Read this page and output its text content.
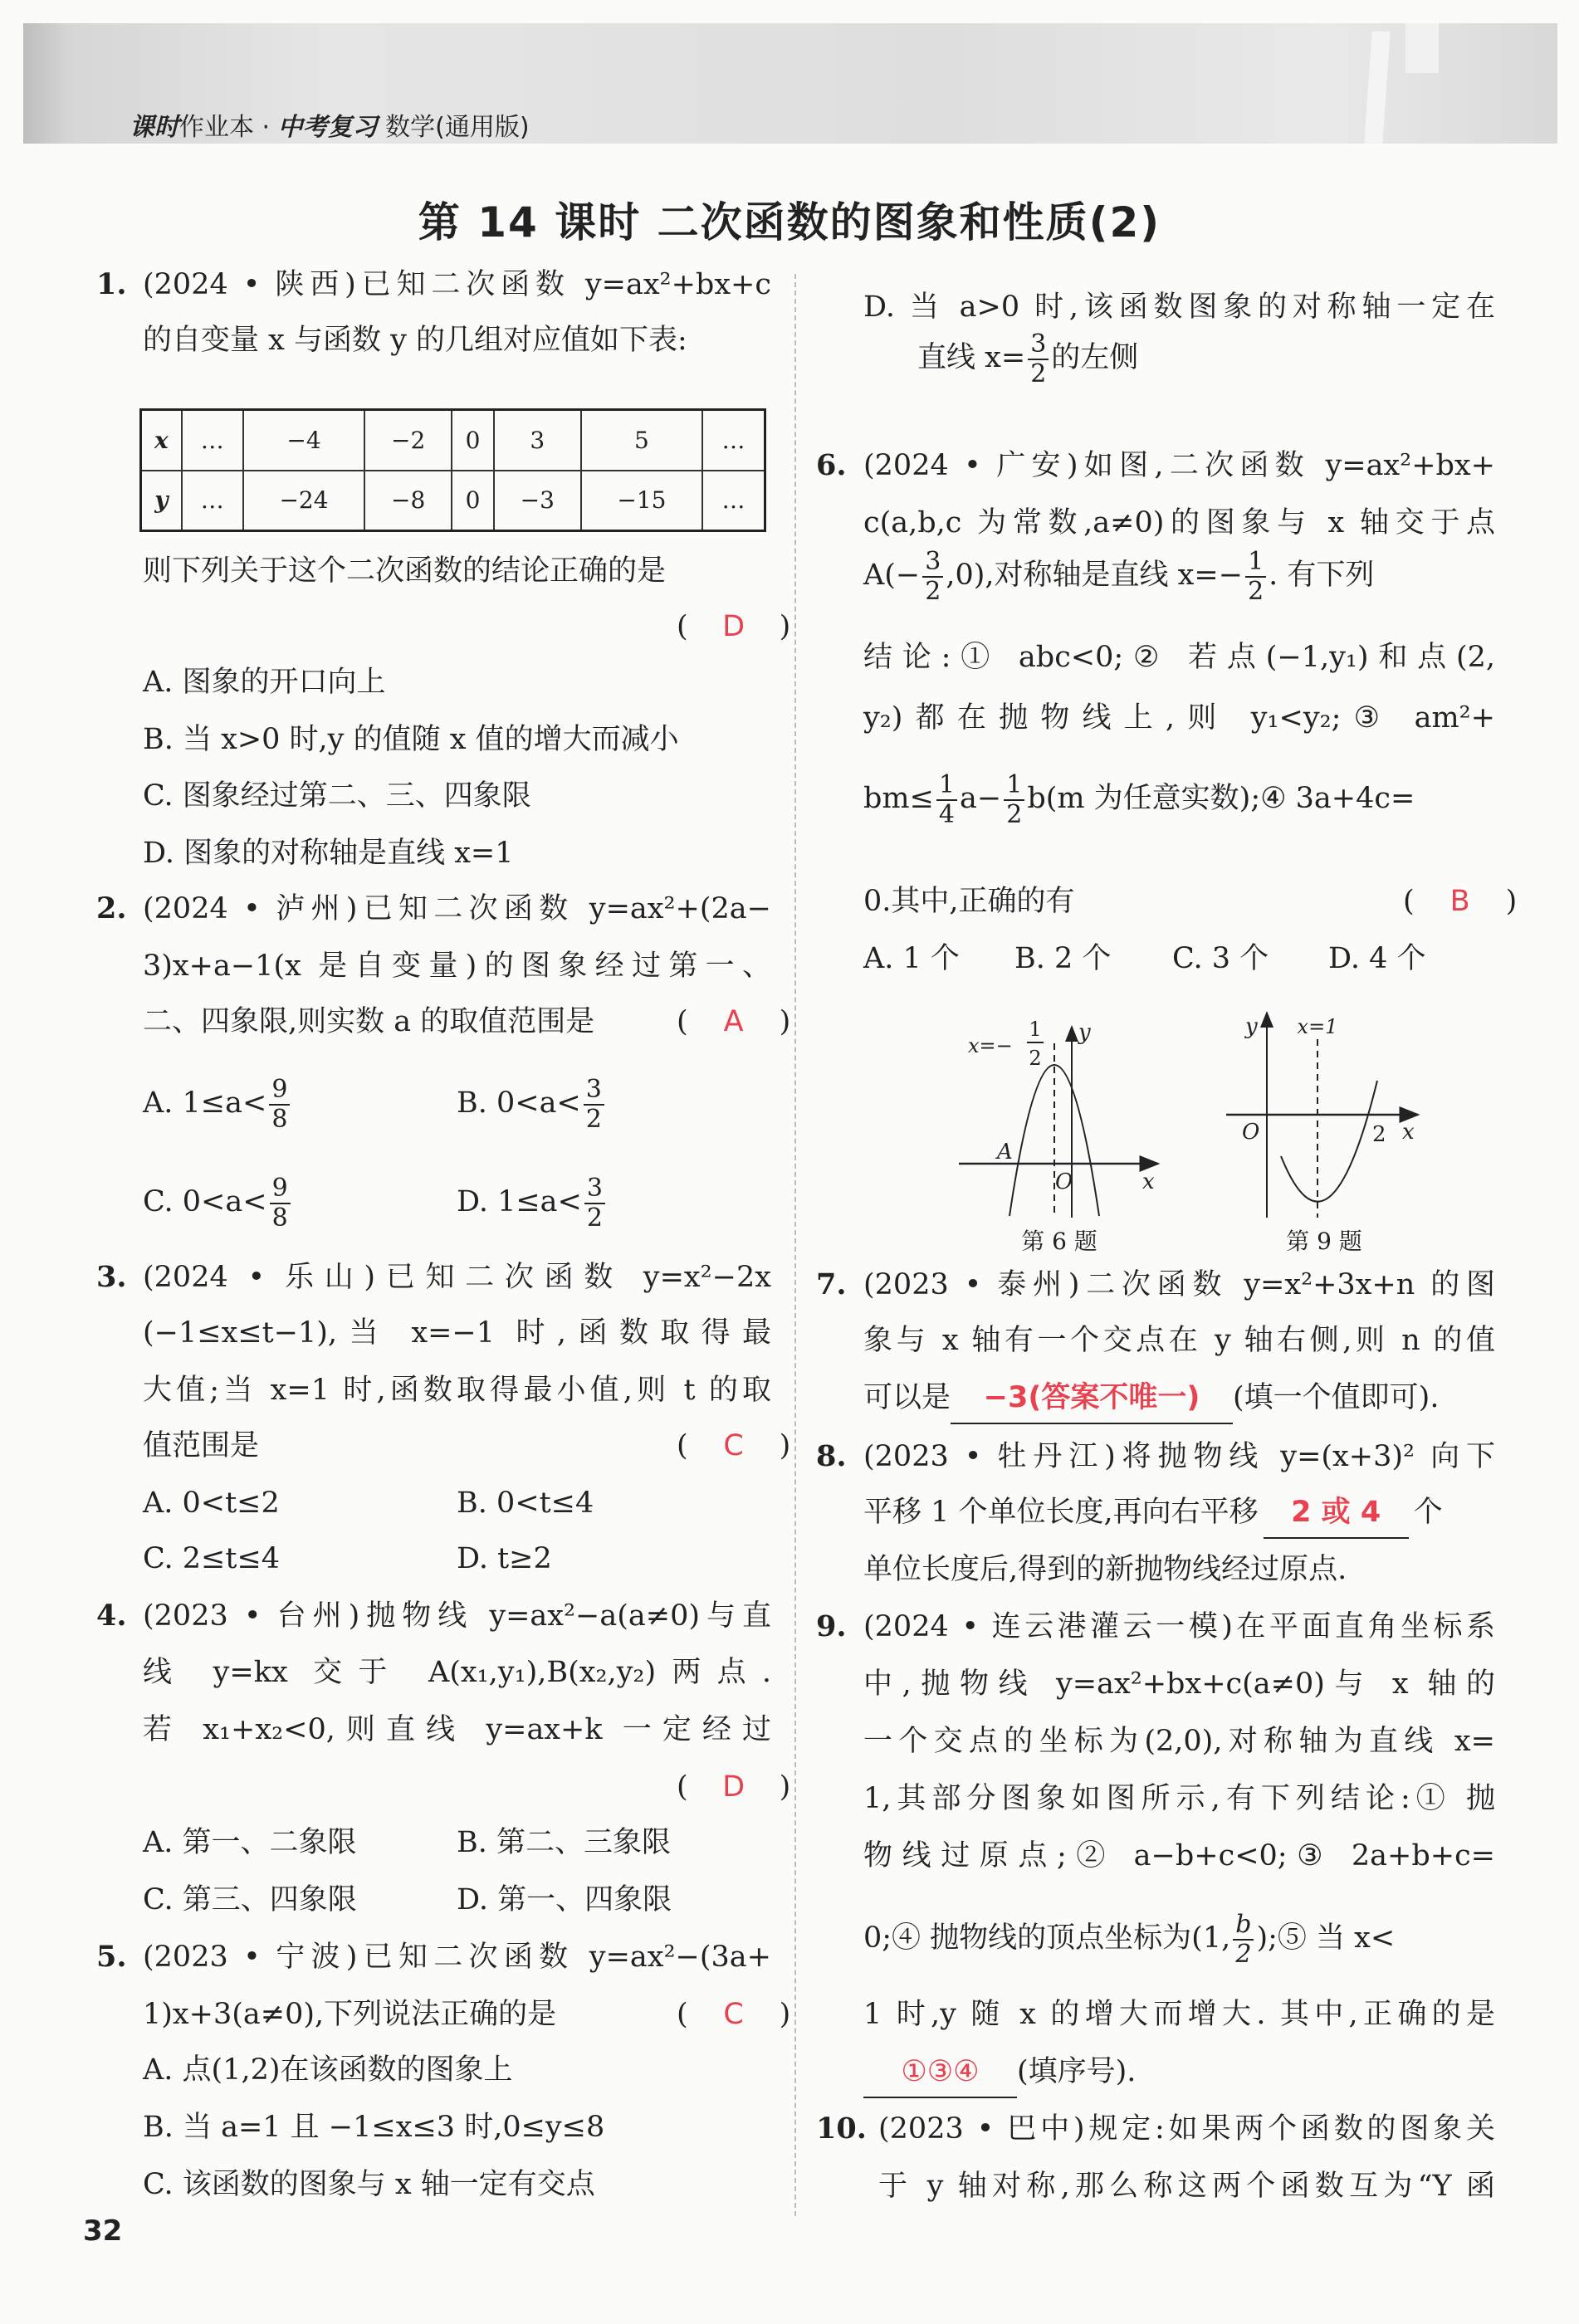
课时作业本 · 中考复习 数学(通用版)
第 14 课时 二次函数的图象和性质(2)
1. (2024 • 陕西)已知二次函数 y=ax²+bx+c
的自变量 x 与函数 y 的几组对应值如下表:
x	…	−4	−2	0	3	5	…
y	…	−24	−8	0	−3	−15	…
则下列关于这个二次函数的结论正确的是
( D )
A. 图象的开口向上
B. 当 x>0 时,y 的值随 x 值的增大而减小
C. 图象经过第二、三、四象限
D. 图象的对称轴是直线 x=1
2. (2024 • 泸州)已知二次函数 y=ax²+(2a−
3)x+a−1(x 是自变量)的图象经过第一、
二、四象限,则实数 a 的取值范围是	( A )
A. $1\le a< \frac{9}{8}$	B. $0<a< \frac{3}{2}$
C. $0<a< \frac{9}{8}$	D. $1\le a< \frac{3}{2}$
3. (2024 • 乐山)已知二次函数 y=x²−2x
(−1≤x≤t−1),当 x=−1 时,函数取得最
大值;当 x=1 时,函数取得最小值,则 t 的取
值范围是	( C )
A. 0<t≤2	B. 0<t≤4
C. 2≤t≤4	D. t≥2
4. (2023 • 台州)抛物线 y=ax²−a(a≠0)与直
线 y=kx 交于 A(x₁,y₁),B(x₂,y₂)两点.
若 x₁+x₂<0,则直线 y=ax+k 一定经过
( D )
A. 第一、二象限	B. 第二、三象限
C. 第三、四象限	D. 第一、四象限
5. (2023 • 宁波)已知二次函数 y=ax²−(3a+
1)x+3(a≠0),下列说法正确的是	( C )
A. 点(1,2)在该函数的图象上
B. 当 a=1 且 −1≤x≤3 时,0≤y≤8
C. 该函数的图象与 x 轴一定有交点
32
D. 当 a>0 时,该函数图象的对称轴一定在
直线 $x= \frac{3}{2}$ 的左侧
6. (2024 • 广安)如图,二次函数 y=ax²+bx+
c(a,b,c 为常数,a≠0)的图象与 x 轴交于点
$A(- \frac{3}{2} ,0)$,对称轴是直线 $x=- \frac{1}{2}$ . 有下列
结论:① abc<0;② 若点(−1,y₁)和点(2,
y₂)都在抛物线上,则 y₁<y₂;③ am²+
$bm\le \frac{1}{4} a- \frac{1}{2} b(m$ 为任意实数);④ 3a+4c=
0.其中,正确的有	( B )
A. 1 个 B. 2 个 C. 3 个 D. 4 个
x=−
1
2
y
A
O	x
第 6 题
y x=1
O	2 x
第 9 题
7. (2023 • 泰州)二次函数 y=x²+3x+n 的图
象与 x 轴有一个交点在 y 轴右侧,则 n 的值
可以是 −3(答案不唯一) (填一个值即可).
8. (2023 • 牡丹江)将抛物线 y=(x+3)² 向下
平移 1 个单位长度,再向右平移 2 或 4 个
单位长度后,得到的新抛物线经过原点.
9. (2024 • 连云港灌云一模)在平面直角坐标系
中,抛物线 y=ax²+bx+c(a≠0)与 x 轴的
一个交点的坐标为(2,0),对称轴为直线 x=
1,其部分图象如图所示,有下列结论:① 抛
物线过原点;② a−b+c<0;③ 2a+b+c=
0;④ 抛物线的顶点坐标为(1, $\frac{b}{2}$ );⑤ 当 x<
1 时,y 随 x 的增大而增大. 其中,正确的是
①③④ (填序号).
10. (2023 • 巴中)规定:如果两个函数的图象关
于 y 轴对称,那么称这两个函数互为“Y 函
